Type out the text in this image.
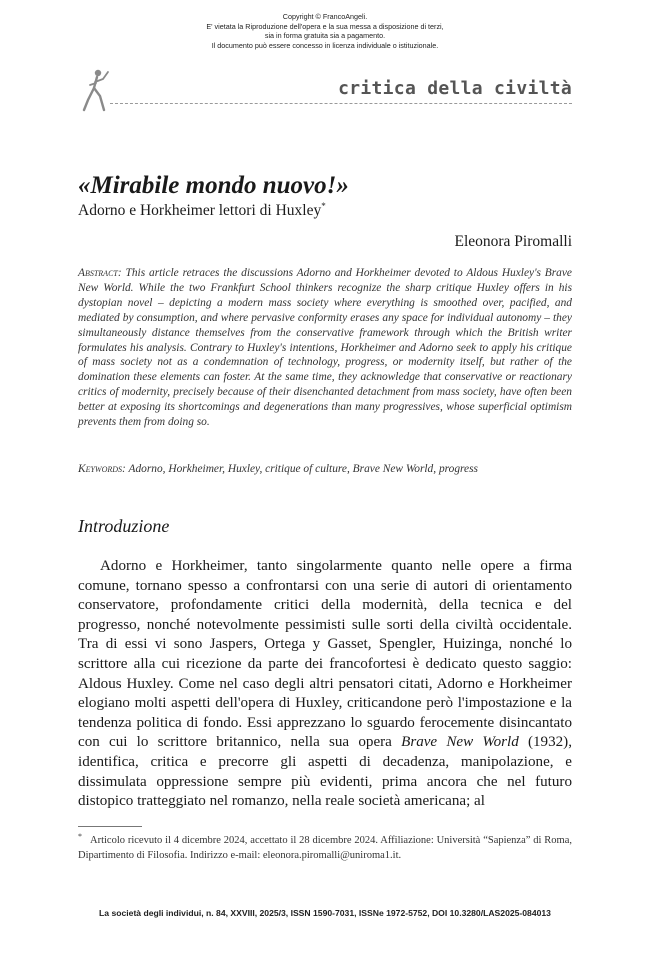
Copyright © FrancoAngeli.
E' vietata la Riproduzione dell'opera e la sua messa a disposizione di terzi,
sia in forma gratuita sia a pagamento.
Il documento può essere concesso in licenza individuale o istituzionale.
critica della civiltà
«Mirabile mondo nuovo!»
Adorno e Horkheimer lettori di Huxley*
Eleonora Piromalli
Abstract: This article retraces the discussions Adorno and Horkheimer devoted to Aldous Huxley's Brave New World. While the two Frankfurt School thinkers recognize the sharp critique Huxley offers in his dystopian novel – depicting a modern mass society where everything is smoothed over, pacified, and mediated by consumption, and where pervasive conformity erases any space for individual autonomy – they simultaneously distance themselves from the conservative framework through which the British writer formulates his analysis. Contrary to Huxley's intentions, Horkheimer and Adorno seek to apply his critique of mass society not as a condemnation of technology, progress, or modernity itself, but rather of the domination these elements can foster. At the same time, they acknowledge that conservative or reactionary critics of modernity, precisely because of their disenchanted detachment from mass society, have often been better at exposing its shortcomings and degenerations than many progressives, whose superficial optimism prevents them from doing so.
Keywords: Adorno, Horkheimer, Huxley, critique of culture, Brave New World, progress
Introduzione
Adorno e Horkheimer, tanto singolarmente quanto nelle opere a firma comune, tornano spesso a confrontarsi con una serie di autori di orientamento conservatore, profondamente critici della modernità, della tecnica e del progresso, nonché notevolmente pessimisti sulle sorti della civiltà occidentale. Tra di essi vi sono Jaspers, Ortega y Gasset, Spengler, Huizinga, nonché lo scrittore alla cui ricezione da parte dei francofortesi è dedicato questo saggio: Aldous Huxley. Come nel caso degli altri pensatori citati, Adorno e Horkheimer elogiano molti aspetti dell'opera di Huxley, criticandone però l'impostazione e la tendenza politica di fondo. Essi apprezzano lo sguardo ferocemente disincantato con cui lo scrittore britannico, nella sua opera Brave New World (1932), identifica, critica e precorre gli aspetti di decadenza, manipolazione, e dissimulata oppressione sempre più evidenti, prima ancora che nel futuro distopico tratteggiato nel romanzo, nella reale società americana; al
* Articolo ricevuto il 4 dicembre 2024, accettato il 28 dicembre 2024. Affiliazione: Università “Sapienza” di Roma, Dipartimento di Filosofia. Indirizzo e-mail: eleonora.piromalli@uniroma1.it.
La società degli individui, n. 84, XXVIII, 2025/3, ISSN 1590-7031, ISSNe 1972-5752, DOI 10.3280/LAS2025-084013
